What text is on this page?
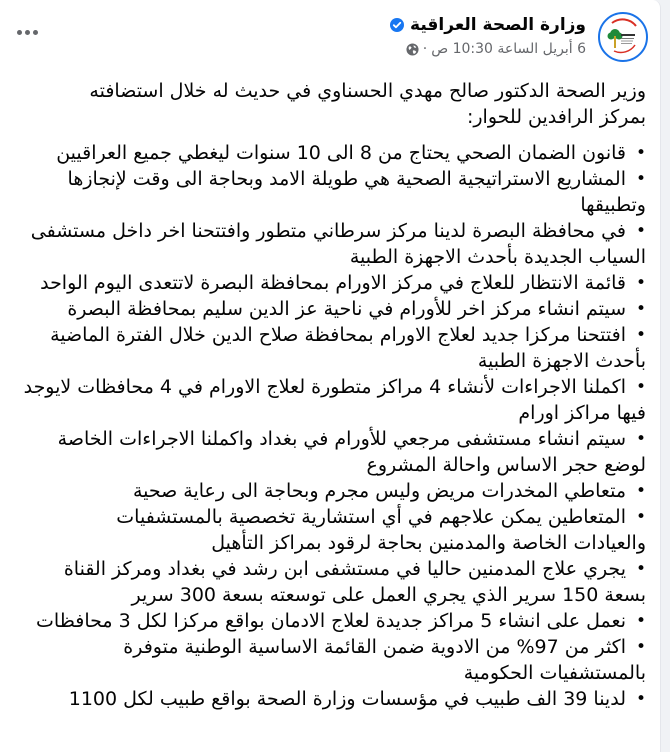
وزارة الصحة العراقية
6 أبريل الساعة 10:30 ص
·
وزير الصحة الدكتور صالح مهدي الحسناوي في حديث له خلال استضافته
بمركز الرافدين للحوار:
• قانون الضمان الصحي يحتاج من 8 الى 10 سنوات ليغطي جميع العراقيين
• المشاريع الاستراتيجية الصحية هي طويلة الامد وبحاجة الى وقت لإنجازها
وتطبيقها
• في محافظة البصرة لدينا مركز سرطاني متطور وافتتحنا اخر داخل مستشفى
السياب الجديدة بأحدث الاجهزة الطبية
• قائمة الانتظار للعلاج في مركز الاورام بمحافظة البصرة لاتتعدى اليوم الواحد
• سيتم انشاء مركز اخر للأورام في ناحية عز الدين سليم بمحافظة البصرة
• افتتحنا مركزا جديد لعلاج الاورام بمحافظة صلاح الدين خلال الفترة الماضية
بأحدث الاجهزة الطبية
• اكملنا الاجراءات لأنشاء 4 مراكز متطورة لعلاج الاورام في 4 محافظات لايوجد
فيها مراكز اورام
• سيتم انشاء مستشفى مرجعي للأورام في بغداد واكملنا الاجراءات الخاصة
لوضع حجر الاساس واحالة المشروع
• متعاطي المخدرات مريض وليس مجرم وبحاجة الى رعاية صحية
• المتعاطين يمكن علاجهم في أي استشارية تخصصية بالمستشفيات
والعيادات الخاصة والمدمنين بحاجة لرقود بمراكز التأهيل
• يجري علاج المدمنين حاليا في مستشفى ابن رشد في بغداد ومركز القناة
بسعة 150 سرير الذي يجري العمل على توسعته بسعة 300 سرير
• نعمل على انشاء 5 مراكز جديدة لعلاج الادمان بواقع مركزا لكل 3 محافظات
• اكثر من 97% من الادوية ضمن القائمة الاساسية الوطنية متوفرة
بالمستشفيات الحكومية
• لدينا 39 الف طبيب في مؤسسات وزارة الصحة بواقع طبيب لكل 1100
